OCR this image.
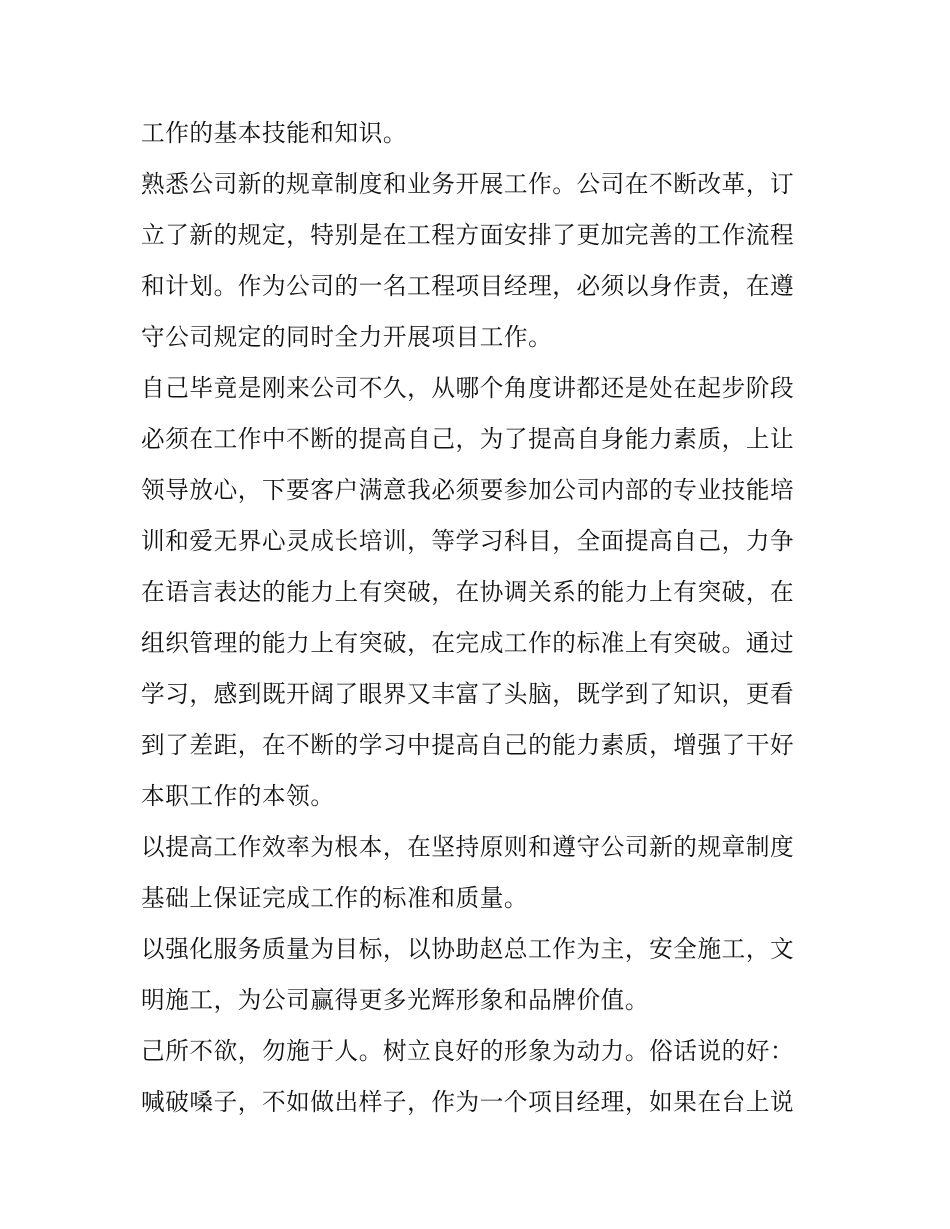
工作的基本技能和知识。
熟悉公司新的规章制度和业务开展工作。公司在不断改革，订
立了新的规定，特别是在工程方面安排了更加完善的工作流程
和计划。作为公司的一名工程项目经理，必须以身作责，在遵
守公司规定的同时全力开展项目工作。
自己毕竟是刚来公司不久，从哪个角度讲都还是处在起步阶段
必须在工作中不断的提高自己，为了提高自身能力素质，上让
领导放心，下要客户满意我必须要参加公司内部的专业技能培
训和爱无界心灵成长培训，等学习科目，全面提高自己，力争
在语言表达的能力上有突破，在协调关系的能力上有突破，在
组织管理的能力上有突破，在完成工作的标准上有突破。通过
学习，感到既开阔了眼界又丰富了头脑，既学到了知识，更看
到了差距，在不断的学习中提高自己的能力素质，增强了干好
本职工作的本领。
以提高工作效率为根本，在坚持原则和遵守公司新的规章制度
基础上保证完成工作的标准和质量。
以强化服务质量为目标，以协助赵总工作为主，安全施工，文
明施工，为公司赢得更多光辉形象和品牌价值。
己所不欲，勿施于人。树立良好的形象为动力。俗话说的好：
喊破嗓子，不如做出样子，作为一个项目经理，如果在台上说
